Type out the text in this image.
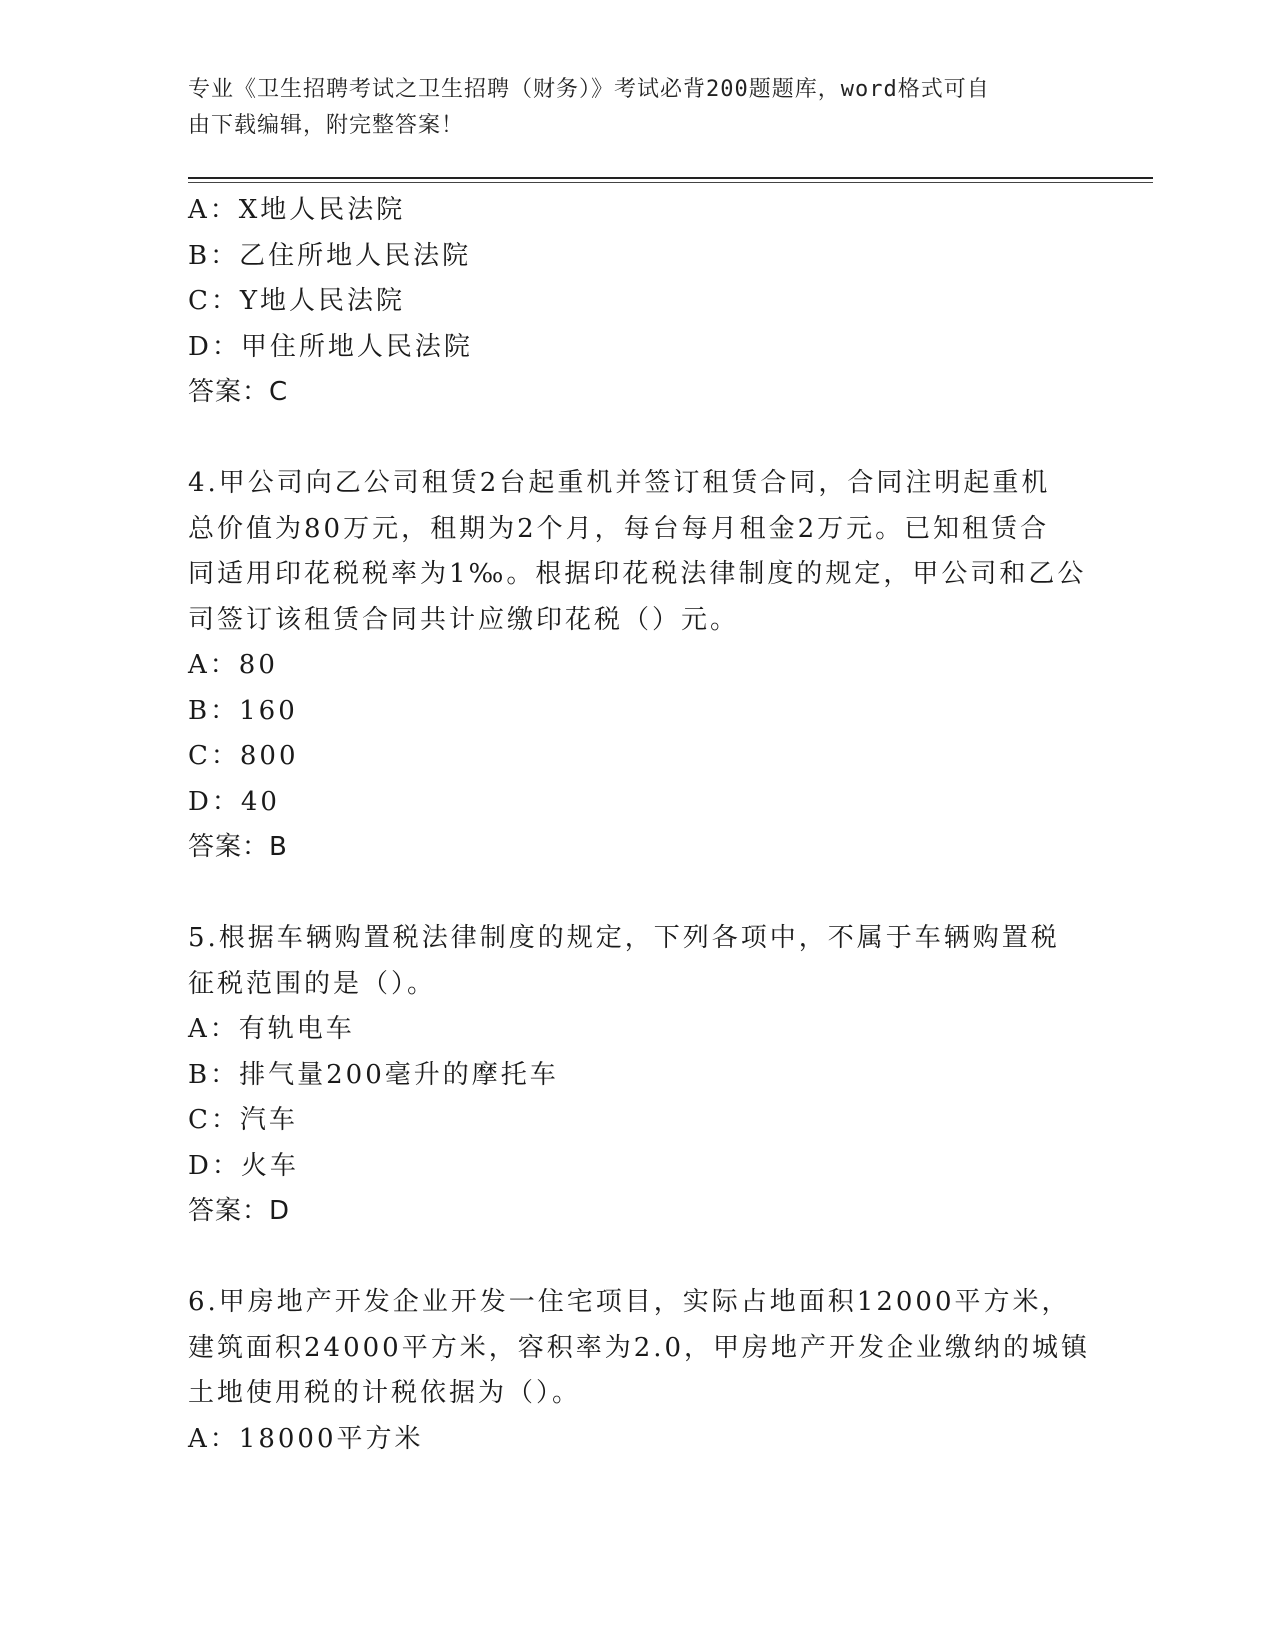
专业《卫生招聘考试之卫生招聘（财务）》考试必背200题题库，word格式可自
由下载编辑，附完整答案！
A：X地人民法院
B：乙住所地人民法院
C：Y地人民法院
D：甲住所地人民法院
答案：C
4.甲公司向乙公司租赁2台起重机并签订租赁合同，合同注明起重机
总价值为80万元，租期为2个月，每台每月租金2万元。已知租赁合
同适用印花税税率为1‰。根据印花税法律制度的规定，甲公司和乙公
司签订该租赁合同共计应缴印花税（）元。
A：80
B：160
C：800
D：40
答案：B
5.根据车辆购置税法律制度的规定，下列各项中，不属于车辆购置税
征税范围的是（）。
A：有轨电车
B：排气量200毫升的摩托车
C：汽车
D：火车
答案：D
6.甲房地产开发企业开发一住宅项目，实际占地面积12000平方米，
建筑面积24000平方米，容积率为2.0，甲房地产开发企业缴纳的城镇
土地使用税的计税依据为（）。
A：18000平方米
